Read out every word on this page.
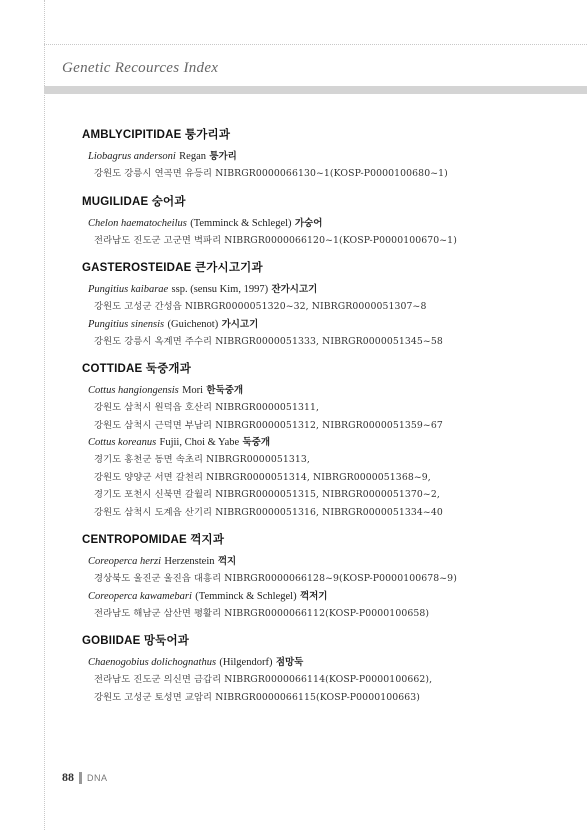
Genetic Recources Index
AMBLYCIPITIDAE 퉁가리과
Liobagrus andersoni Regan 퉁가리
강원도 강릉시 연곡면 유등리 NIBRGR0000066130~1(KOSP-P0000100680~1)
MUGILIDAE 숭어과
Chelon haematocheilus (Temminck & Schlegel) 가숭어
전라남도 진도군 고군면 벽파리 NIBRGR0000066120~1(KOSP-P0000100670~1)
GASTEROSTEIDAE 큰가시고기과
Pungitius kaibarae ssp. (sensu Kim, 1997) 잔가시고기
강원도 고성군 간성읍 NIBRGR0000051320~32, NIBRGR0000051307~8
Pungitius sinensis (Guichenot) 가시고기
강원도 강릉시 옥계면 주수리 NIBRGR0000051333, NIBRGR0000051345~58
COTTIDAE 둑중개과
Cottus hangiongensis Mori 한둑중개
강원도 삼척시 원덕읍 호산리 NIBRGR0000051311,
강원도 삼척시 근덕면 부남리 NIBRGR0000051312, NIBRGR0000051359~67
Cottus koreanus Fujii, Choi & Yabe 둑중개
경기도 홍천군 동면 속초리 NIBRGR0000051313,
강원도 양양군 서면 갈천리 NIBRGR0000051314, NIBRGR0000051368~9,
경기도 포천시 신북면 갈월리 NIBRGR0000051315, NIBRGR0000051370~2,
강원도 삼척시 도계읍 산기리 NIBRGR0000051316, NIBRGR0000051334~40
CENTROPOMIDAE 꺽지과
Coreoperca herzi Herzenstein 꺽지
경상북도 울진군 울진읍 대흥리 NIBRGR0000066128~9(KOSP-P0000100678~9)
Coreoperca kawamebari (Temminck & Schlegel) 꺽저기
전라남도 해남군 삼산면 평활리 NIBRGR0000066112(KOSP-P0000100658)
GOBIIDAE 망둑어과
Chaenogobius dolichognathus (Hilgendorf) 점망둑
전라남도 진도군 의신면 금갑리 NIBRGR0000066114(KOSP-P0000100662),
강원도 고성군 토성면 교암리 NIBRGR0000066115(KOSP-P0000100663)
88 DNA
